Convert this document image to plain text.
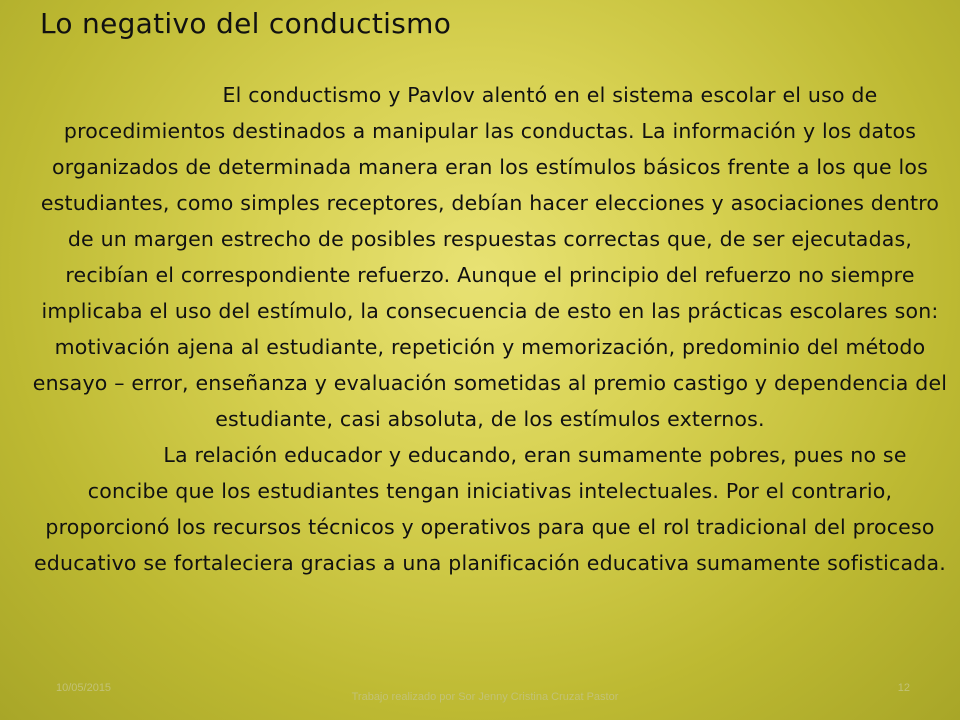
Lo negativo del conductismo

El conductismo y Pavlov alentó en el sistema escolar el uso de procedimientos destinados a manipular las conductas. La información y los datos organizados de determinada manera eran los estímulos básicos frente a los que los estudiantes, como simples receptores, debían hacer elecciones y asociaciones dentro de un margen estrecho de posibles respuestas correctas que, de ser ejecutadas, recibían el correspondiente refuerzo. Aunque el principio del refuerzo no siempre implicaba el uso del estímulo, la consecuencia de esto en las prácticas escolares son: motivación ajena al estudiante, repetición y memorización, predominio del método ensayo – error, enseñanza y evaluación sometidas al premio castigo y dependencia del estudiante, casi absoluta, de los estímulos externos.

La relación educador y educando, eran sumamente pobres, pues no se concibe que los estudiantes tengan iniciativas intelectuales. Por el contrario, proporcionó los recursos técnicos y operativos para que el rol tradicional del proceso educativo se fortaleciera gracias a una planificación educativa sumamente sofisticada.

10/05/2015
Trabajo realizado por Sor Jenny Cristina Cruzat Pastor
12
